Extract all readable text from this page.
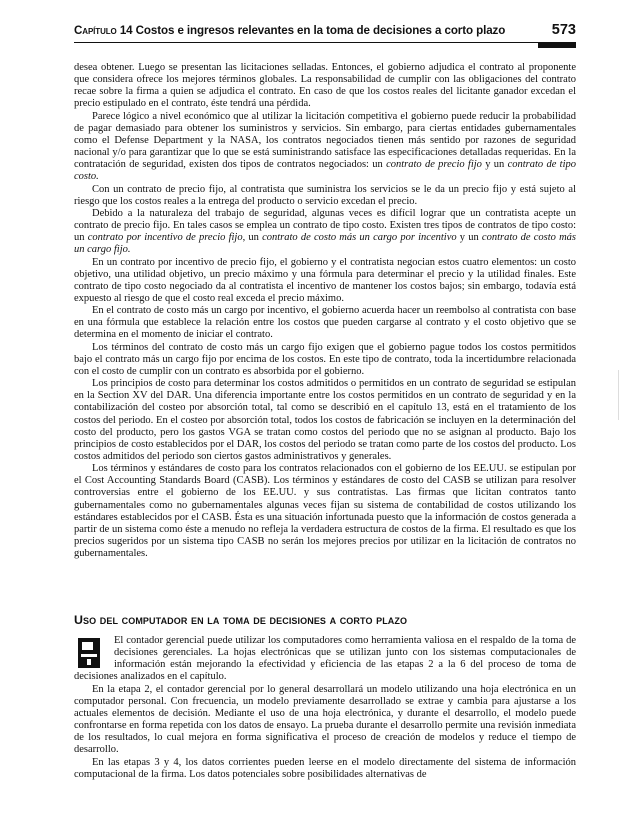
Capítulo 14 Costos e ingresos relevantes en la toma de decisiones a corto plazo	573

desea obtener. Luego se presentan las licitaciones selladas. Entonces, el gobierno adjudica el contrato al proponente que considera ofrece los mejores términos globales. La responsabilidad de cumplir con las obligaciones del contrato recae sobre la firma a quien se adjudica el contrato. En caso de que los costos reales del licitante ganador excedan el precio estipulado en el contrato, éste tendrá una pérdida.

Parece lógico a nivel económico que al utilizar la licitación competitiva el gobierno puede reducir la probabilidad de pagar demasiado para obtener los suministros y servicios. Sin embargo, para ciertas entidades gubernamentales como el Defense Department y la NASA, los contratos negociados tienen más sentido por razones de seguridad nacional y/o para garantizar que lo que se está suministrando satisface las especificaciones detalladas requeridas. En la contratación de seguridad, existen dos tipos de contratos negociados: un contrato de precio fijo y un contrato de tipo costo.

Con un contrato de precio fijo, al contratista que suministra los servicios se le da un precio fijo y está sujeto al riesgo que los costos reales a la entrega del producto o servicio excedan el precio.

Debido a la naturaleza del trabajo de seguridad, algunas veces es difícil lograr que un contratista acepte un contrato de precio fijo. En tales casos se emplea un contrato de tipo costo. Existen tres tipos de contratos de tipo costo: un contrato por incentivo de precio fijo, un contrato de costo más un cargo por incentivo y un contrato de costo más un cargo fijo.

En un contrato por incentivo de precio fijo, el gobierno y el contratista negocian estos cuatro elementos: un costo objetivo, una utilidad objetivo, un precio máximo y una fórmula para determinar el precio y la utilidad finales. Este contrato de tipo costo negociado da al contratista el incentivo de mantener los costos bajos; sin embargo, todavía está expuesto al riesgo de que el costo real exceda el precio máximo.

En el contrato de costo más un cargo por incentivo, el gobierno acuerda hacer un reembolso al contratista con base en una fórmula que establece la relación entre los costos que pueden cargarse al contrato y el costo objetivo que se determina en el momento de iniciar el contrato.

Los términos del contrato de costo más un cargo fijo exigen que el gobierno pague todos los costos permitidos bajo el contrato más un cargo fijo por encima de los costos. En este tipo de contrato, toda la incertidumbre relacionada con el costo de cumplir con un contrato es absorbida por el gobierno.

Los principios de costo para determinar los costos admitidos o permitidos en un contrato de seguridad se estipulan en la Section XV del DAR. Una diferencia importante entre los costos permitidos en un contrato de seguridad y en la contabilización del costeo por absorción total, tal como se describió en el capítulo 13, está en el tratamiento de los costos del periodo. En el costeo por absorción total, todos los costos de fabricación se incluyen en la determinación del costo del producto, pero los gastos VGA se tratan como costos del periodo que no se asignan al producto. Bajo los principios de costo establecidos por el DAR, los costos del periodo se tratan como parte de los costos del producto. Los costos admitidos del periodo son ciertos gastos administrativos y generales.

Los términos y estándares de costo para los contratos relacionados con el gobierno de los EE.UU. se estipulan por el Cost Accounting Standards Board (CASB). Los términos y estándares de costo del CASB se utilizan para resolver controversias entre el gobierno de los EE.UU. y sus contratistas. Las firmas que licitan contratos tanto gubernamentales como no gubernamentales algunas veces fijan su sistema de contabilidad de costos utilizando los estándares establecidos por el CASB. Ésta es una situación infortunada puesto que la información de costos generada a partir de un sistema como éste a menudo no refleja la verdadera estructura de costos de la firma. El resultado es que los precios sugeridos por un sistema tipo CASB no serán los mejores precios por utilizar en la licitación de contratos no gubernamentales.

Uso del computador en la toma de decisiones a corto plazo

El contador gerencial puede utilizar los computadores como herramienta valiosa en el respaldo de la toma de decisiones gerenciales. La hojas electrónicas que se utilizan junto con los sistemas computacionales de información están mejorando la efectividad y eficiencia de las etapas 2 a la 6 del proceso de toma de decisiones analizados en el capítulo.

En la etapa 2, el contador gerencial por lo general desarrollará un modelo utilizando una hoja electrónica en un computador personal. Con frecuencia, un modelo previamente desarrollado se extrae y cambia para ajustarse a los actuales elementos de decisión. Mediante el uso de una hoja electrónica, y durante el desarrollo, el modelo puede confrontarse en forma repetida con los datos de ensayo. La prueba durante el desarrollo permite una revisión inmediata de los resultados, lo cual mejora en forma significativa el proceso de creación de modelos y reduce el tiempo de desarrollo.

En las etapas 3 y 4, los datos corrientes pueden leerse en el modelo directamente del sistema de información computacional de la firma. Los datos potenciales sobre posibilidades alternativas de
